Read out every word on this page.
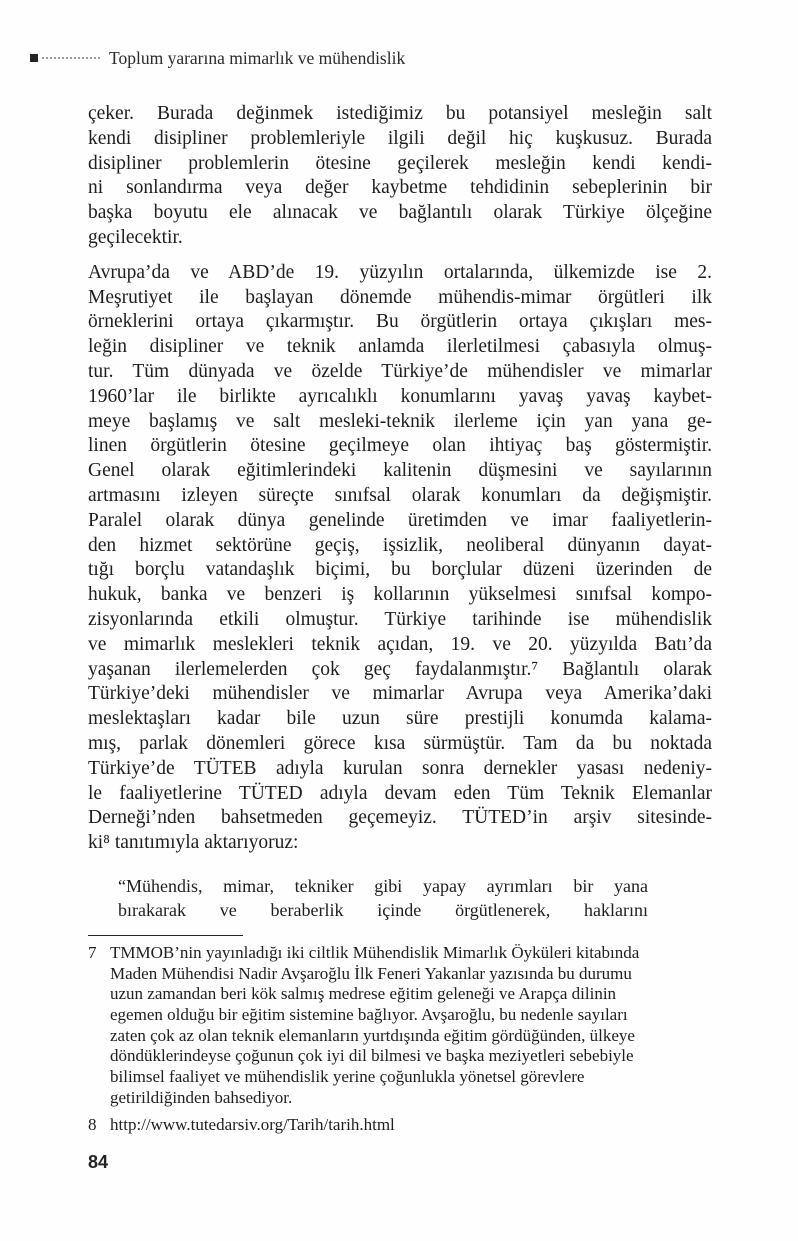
Toplum yararına mimarlık ve mühendislik
çeker. Burada değinmek istediğimiz bu potansiyel mesleğin salt
kendi disipliner problemleriyle ilgili değil hiç kuşkusuz. Burada
disipliner problemlerin ötesine geçilerek mesleğin kendi kendi-
ni sonlandırma veya değer kaybetme tehdidinin sebeplerinin bir
başka boyutu ele alınacak ve bağlantılı olarak Türkiye ölçeğine
geçilecektir.
Avrupa’da ve ABD’de 19. yüzyılın ortalarında, ülkemizde ise 2.
Meşrutiyet ile başlayan dönemde mühendis-mimar örgütleri ilk
örneklerini ortaya çıkarmıştır. Bu örgütlerin ortaya çıkışları mes-
leğin disipliner ve teknik anlamda ilerletilmesi çabasıyla olmuş-
tur. Tüm dünyada ve özelde Türkiye’de mühendisler ve mimarlar
1960’lar ile birlikte ayrıcalıklı konumlarını yavaş yavaş kaybet-
meye başlamış ve salt mesleki-teknik ilerleme için yan yana ge-
linen örgütlerin ötesine geçilmeye olan ihtiyaç baş göstermiştir.
Genel olarak eğitimlerindeki kalitenin düşmesini ve sayılarının
artmasını izleyen süreçte sınıfsal olarak konumları da değişmiştir.
Paralel olarak dünya genelinde üretimden ve imar faaliyetlerin-
den hizmet sektörüne geçiş, işsizlik, neoliberal dünyanın dayat-
tığı borçlu vatandaşlık biçimi, bu borçlular düzeni üzerinden de
hukuk, banka ve benzeri iş kollarının yükselmesi sınıfsal kompo-
zisyonlarında etkili olmuştur. Türkiye tarihinde ise mühendislik
ve mimarlık meslekleri teknik açıdan, 19. ve 20. yüzyılda Batı’da
yaşanan ilerlemelerden çok geç faydalanmıştır.⁷ Bağlantılı olarak
Türkiye’deki mühendisler ve mimarlar Avrupa veya Amerika’daki
meslektaşları kadar bile uzun süre prestijli konumda kalama-
mış, parlak dönemleri görece kısa sürmüştür. Tam da bu noktada
Türkiye’de TÜTEB adıyla kurulan sonra dernekler yasası nedeniy-
le faaliyetlerine TÜTED adıyla devam eden Tüm Teknik Elemanlar
Derneği’nden bahsetmeden geçemeyiz. TÜTED’in arşiv sitesinde-
ki⁸ tanıtımıyla aktarıyoruz:
“Mühendis, mimar, tekniker gibi yapay ayrımları bir yana
bırakarak ve beraberlik içinde örgütlenerek, haklarını
7 TMMOB’nin yayınladığı iki ciltlik Mühendislik Mimarlık Öyküleri kitabında
Maden Mühendisi Nadir Avşaroğlu İlk Feneri Yakanlar yazısında bu durumu
uzun zamandan beri kök salmış medrese eğitim geleneği ve Arapça dilinin
egemen olduğu bir eğitim sistemine bağlıyor. Avşaroğlu, bu nedenle sayıları
zaten çok az olan teknik elemanların yurtdışında eğitim gördüğünden, ülkeye
döndüklerindeyse çoğunun çok iyi dil bilmesi ve başka meziyetleri sebebiyle
bilimsel faaliyet ve mühendislik yerine çoğunlukla yönetsel görevlere
getirildiğinden bahsediyor.
8 http://www.tutedarsiv.org/Tarih/tarih.html
84
